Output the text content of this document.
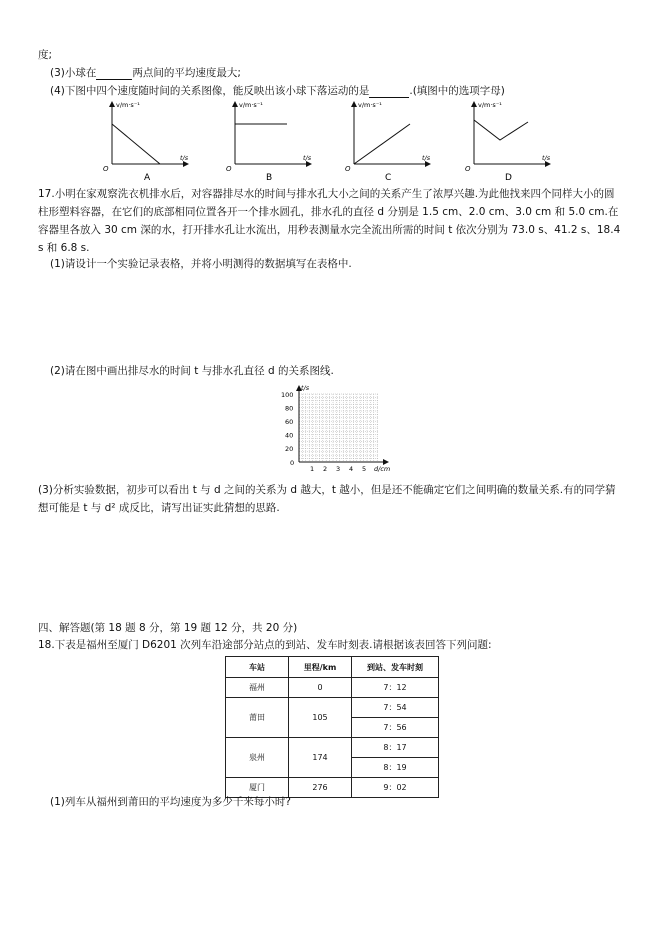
度;
(3)小球在	两点间的平均速度最大;
(4)下图中四个速度随时间的关系图像，能反映出该小球下落运动的是	.(填图中的选项字母)
v/m·s⁻¹
t/s
O
A
v/m·s⁻¹
t/s
O
B
v/m·s⁻¹
t/s
O
C
v/m·s⁻¹
t/s
O
D
17.小明在家观察洗衣机排水后，对容器排尽水的时间与排水孔大小之间的关系产生了浓厚兴趣.为此他找来四个同样大小的圆柱形塑料容器，在它们的底部相同位置各开一个排水圆孔，排水孔的直径 d 分别是 1.5 cm、2.0 cm、3.0 cm 和 5.0 cm.在容器里各放入 30 cm 深的水，打开排水孔让水流出，用秒表测量水完全流出所需的时间 t 依次分别为 73.0 s、41.2 s、18.4 s 和 6.8 s.
(1)请设计一个实验记录表格，并将小明测得的数据填写在表格中.
(2)请在图中画出排尽水的时间 t 与排水孔直径 d 的关系图线.
t/s
d/cm
0
100
80
60
40
20
1 2 3 4 5
(3)分析实验数据，初步可以看出 t 与 d 之间的关系为 d 越大，t 越小，但是还不能确定它们之间明确的数量关系.有的同学猜想可能是 t 与 d² 成反比，请写出证实此猜想的思路.
四、解答题(第 18 题 8 分，第 19 题 12 分，共 20 分)
18.下表是福州至厦门 D6201 次列车沿途部分站点的到站、发车时刻表.请根据该表回答下列问题:
车站	里程/km	到站、发车时刻
福州	0	7：12
莆田	105	7：54
		7：56
泉州	174	8：17
		8：19
厦门	276	9：02
(1)列车从福州到莆田的平均速度为多少千米每小时?
